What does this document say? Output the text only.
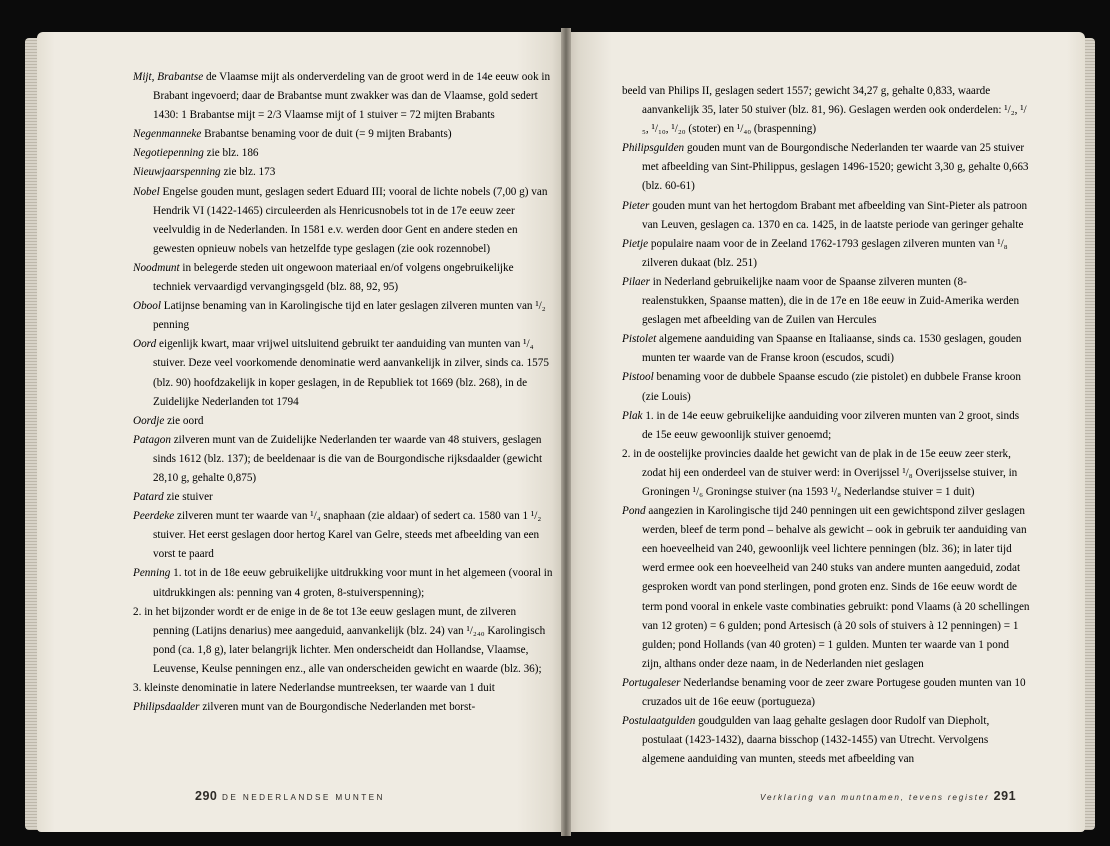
Mijt, Brabantse de Vlaamse mijt als onderverdeling van de groot werd in de 14e eeuw ook in Brabant ingevoerd; daar de Brabantse munt zwakker was dan de Vlaamse, gold sedert 1430: 1 Brabantse mijt = 2/3 Vlaamse mijt of 1 stuiver = 72 mijten Brabants

Negenmanneke Brabantse benaming voor de duit (= 9 mijten Brabants)

Negotiepenning zie blz. 186

Nieuwjaarspenning zie blz. 173

Nobel Engelse gouden munt, geslagen sedert Eduard III; vooral de lichte nobels (7,00 g) van Hendrik VI (1422-1465) circuleerden als Henricusnobels tot in de 17e eeuw zeer veelvuldig in de Nederlanden. In 1581 e.v. werden door Gent en andere steden en gewesten opnieuw nobels van hetzelfde type geslagen (zie ook rozennobel)

Noodmunt in belegerde steden uit ongewoon materiaal en/of volgens ongebruikelijke techniek vervaardigd vervangingsgeld (blz. 88, 92, 95)

Obool Latijnse benaming van in Karolingische tijd en later geslagen zilveren munten van ¹/₂ penning

Oord eigenlijk kwart, maar vrijwel uitsluitend gebruikt ter aanduiding van munten van ¹/₄ stuiver. Deze veel voorkomende denominatie werd aanvankelijk in zilver, sinds ca. 1575 (blz. 90) hoofdzakelijk in koper geslagen, in de Republiek tot 1669 (blz. 268), in de Zuidelijke Nederlanden tot 1794

Oordje zie oord

Patagon zilveren munt van de Zuidelijke Nederlanden ter waarde van 48 stuivers, geslagen sinds 1612 (blz. 137); de beeldenaar is die van de Bourgondische rijksdaalder (gewicht 28,10 g, gehalte 0,875)

Patard zie stuiver

Peerdeke zilveren munt ter waarde van ¹/₄ snaphaan (zie aldaar) of sedert ca. 1580 van 1 ¹/₂ stuiver. Het eerst geslagen door hertog Karel van Gelre, steeds met afbeelding van een vorst te paard

Penning 1. tot in de 18e eeuw gebruikelijke uitdrukking voor munt in het algemeen (vooral in uitdrukkingen als: penning van 4 groten, 8-stuiverspenning);

2. in het bijzonder wordt er de enige in de 8e tot 13e eeuw geslagen munt, de zilveren penning (Latijns denarius) mee aangeduid, aanvankelijk (blz. 24) van ¹/₂₄₀ Karolingisch pond (ca. 1,8 g), later belangrijk lichter. Men onderscheidt dan Hollandse, Vlaamse, Leuvense, Keulse penningen enz., alle van onderscheiden gewicht en waarde (blz. 36);

3. kleinste denominatie in latere Nederlandse muntreeksen, ter waarde van 1 duit

Philipsdaalder zilveren munt van de Bourgondische Nederlanden met borst-

beeld van Philips II, geslagen sedert 1557; gewicht 34,27 g, gehalte 0,833, waarde aanvankelijk 35, later 50 stuiver (blz. 81, 96). Geslagen werden ook onderdelen: ¹/₂, ¹/₅, ¹/₁₀, ¹/₂₀ (stoter) en ¹/₄₀ (braspenning)

Philipsgulden gouden munt van de Bourgondische Nederlanden ter waarde van 25 stuiver met afbeelding van Sint-Philippus, geslagen 1496-1520; gewicht 3,30 g, gehalte 0,663 (blz. 60-61)

Pieter gouden munt van het hertogdom Brabant met afbeelding van Sint-Pieter als patroon van Leuven, geslagen ca. 1370 en ca. 1425, in de laatste periode van geringer gehalte

Pietje populaire naam voor de in Zeeland 1762-1793 geslagen zilveren munten van ¹/₈ zilveren dukaat (blz. 251)

Pilaer in Nederland gebruikelijke naam voor de Spaanse zilveren munten (8-realenstukken, Spaanse matten), die in de 17e en 18e eeuw in Zuid-Amerika werden geslagen met afbeelding van de Zuilen van Hercules

Pistolet algemene aanduiding van Spaanse en Italiaanse, sinds ca. 1530 geslagen, gouden munten ter waarde van de Franse kroon (escudos, scudi)

Pistool benaming voor de dubbele Spaanse escudo (zie pistolet) en dubbele Franse kroon (zie Louis)

Plak 1. in de 14e eeuw gebruikelijke aanduiding voor zilveren munten van 2 groot, sinds de 15e eeuw gewoonlijk stuiver genoemd;

2. in de oostelijke provincies daalde het gewicht van de plak in de 15e eeuw zeer sterk, zodat hij een onderdeel van de stuiver werd: in Overijssel ¹/₈ Overijsselse stuiver, in Groningen ¹/₆ Groningse stuiver (na 1593 ¹/₈ Nederlandse stuiver = 1 duit)

Pond aangezien in Karolingische tijd 240 penningen uit een gewichtspond zilver geslagen werden, bleef de term pond – behalve als gewicht – ook in gebruik ter aanduiding van een hoeveelheid van 240, gewoonlijk veel lichtere penningen (blz. 36); in later tijd werd ermee ook een hoeveelheid van 240 stuks van andere munten aangeduid, zodat gesproken wordt van pond sterlingen, pond groten enz. Sinds de 16e eeuw wordt de term pond vooral in enkele vaste combinaties gebruikt: pond Vlaams (à 20 schellingen van 12 groten) = 6 gulden; pond Artesisch (à 20 sols of stuivers à 12 penningen) = 1 gulden; pond Hollands (van 40 groten) = 1 gulden. Munten ter waarde van 1 pond zijn, althans onder deze naam, in de Nederlanden niet geslagen

Portugaleser Nederlandse benaming voor de zeer zware Portugese gouden munten van 10 cruzados uit de 16e eeuw (portugueza)

Postulaatgulden goudgulden van laag gehalte geslagen door Rudolf van Diepholt, postulaat (1423-1432), daarna bisschop (1432-1455) van Utrecht. Vervolgens algemene aanduiding van munten, steeds met afbeelding van

290 DE NEDERLANDSE MUNTEN	Verklaring van muntnamen, tevens register 291
